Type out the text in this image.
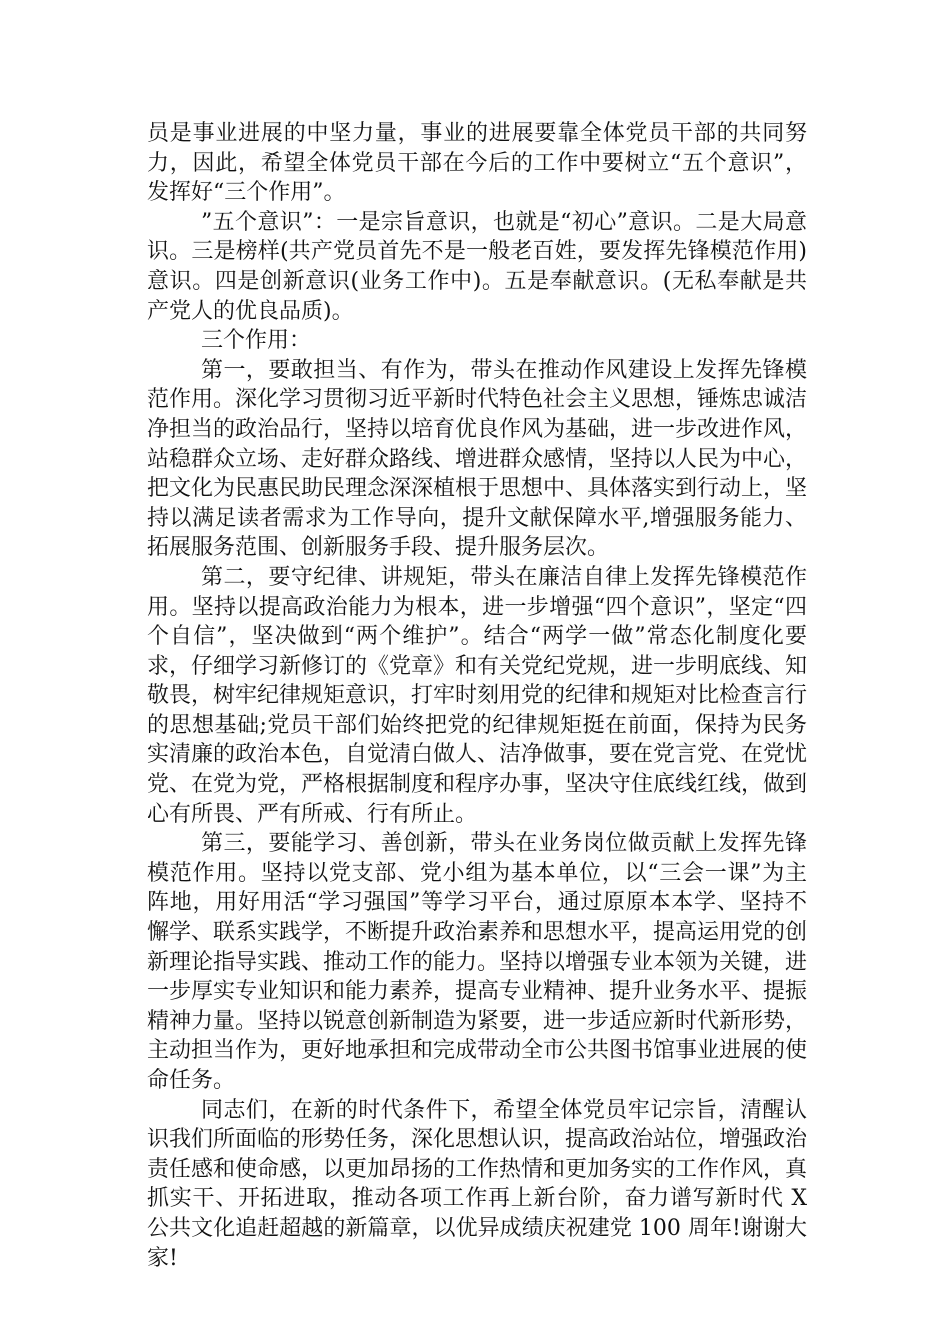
员是事业进展的中坚力量，事业的进展要靠全体党员干部的共同努力，因此，希望全体党员干部在今后的工作中要树立“五个意识”，发挥好“三个作用”。

”五个意识”：一是宗旨意识，也就是“初心”意识。二是大局意识。三是榜样(共产党员首先不是一般老百姓，要发挥先锋模范作用)意识。四是创新意识(业务工作中)。五是奉献意识。(无私奉献是共产党人的优良品质)。

三个作用：

第一，要敢担当、有作为，带头在推动作风建设上发挥先锋模范作用。深化学习贯彻习近平新时代特色社会主义思想，锤炼忠诚洁净担当的政治品行，坚持以培育优良作风为基础，进一步改进作风，站稳群众立场、走好群众路线、增进群众感情，坚持以人民为中心，把文化为民惠民助民理念深深植根于思想中、具体落实到行动上，坚持以满足读者需求为工作导向，提升文献保障水平,增强服务能力、拓展服务范围、创新服务手段、提升服务层次。

第二，要守纪律、讲规矩，带头在廉洁自律上发挥先锋模范作用。坚持以提高政治能力为根本，进一步增强“四个意识”，坚定“四个自信”，坚决做到“两个维护”。结合“两学一做”常态化制度化要求，仔细学习新修订的《党章》和有关党纪党规，进一步明底线、知敬畏，树牢纪律规矩意识，打牢时刻用党的纪律和规矩对比检查言行的思想基础;党员干部们始终把党的纪律规矩挺在前面，保持为民务实清廉的政治本色，自觉清白做人、洁净做事，要在党言党、在党忧党、在党为党，严格根据制度和程序办事，坚决守住底线红线，做到心有所畏、严有所戒、行有所止。

第三，要能学习、善创新，带头在业务岗位做贡献上发挥先锋模范作用。坚持以党支部、党小组为基本单位，以“三会一课”为主阵地，用好用活“学习强国”等学习平台，通过原原本本学、坚持不懈学、联系实践学，不断提升政治素养和思想水平，提高运用党的创新理论指导实践、推动工作的能力。坚持以增强专业本领为关键，进一步厚实专业知识和能力素养，提高专业精神、提升业务水平、提振精神力量。坚持以锐意创新制造为紧要，进一步适应新时代新形势，主动担当作为，更好地承担和完成带动全市公共图书馆事业进展的使命任务。

同志们，在新的时代条件下，希望全体党员牢记宗旨，清醒认识我们所面临的形势任务，深化思想认识，提高政治站位，增强政治责任感和使命感，以更加昂扬的工作热情和更加务实的工作作风，真抓实干、开拓进取，推动各项工作再上新台阶，奋力谱写新时代 X 公共文化追赶超越的新篇章，以优异成绩庆祝建党 100 周年!谢谢大家!
